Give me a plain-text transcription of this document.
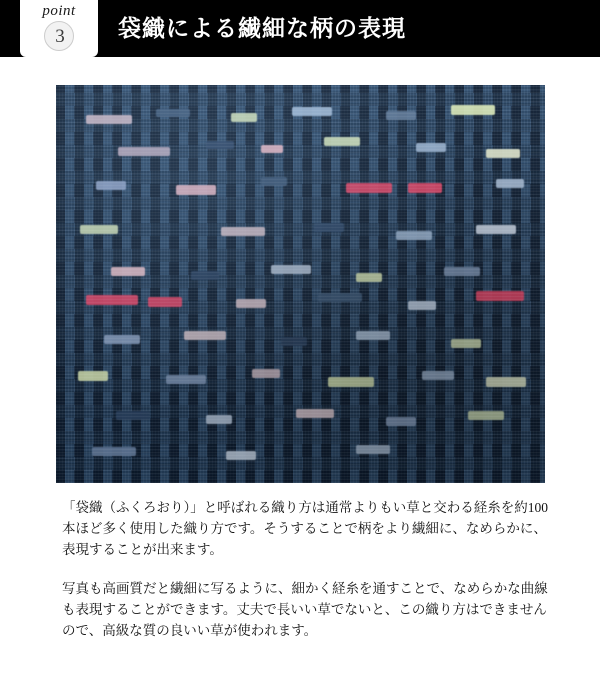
point
3	袋織による繊細な柄の表現
「袋織（ふくろおり）」と呼ばれる織り方は通常よりもい草と交わる経糸を約100本ほど多く使用した織り方です。そうすることで柄をより繊細に、なめらかに、表現することが出来ます。
写真も高画質だと繊細に写るように、細かく経糸を通すことで、なめらかな曲線も表現することができます。丈夫で長いい草でないと、この織り方はできませんので、高級な質の良いい草が使われます。
